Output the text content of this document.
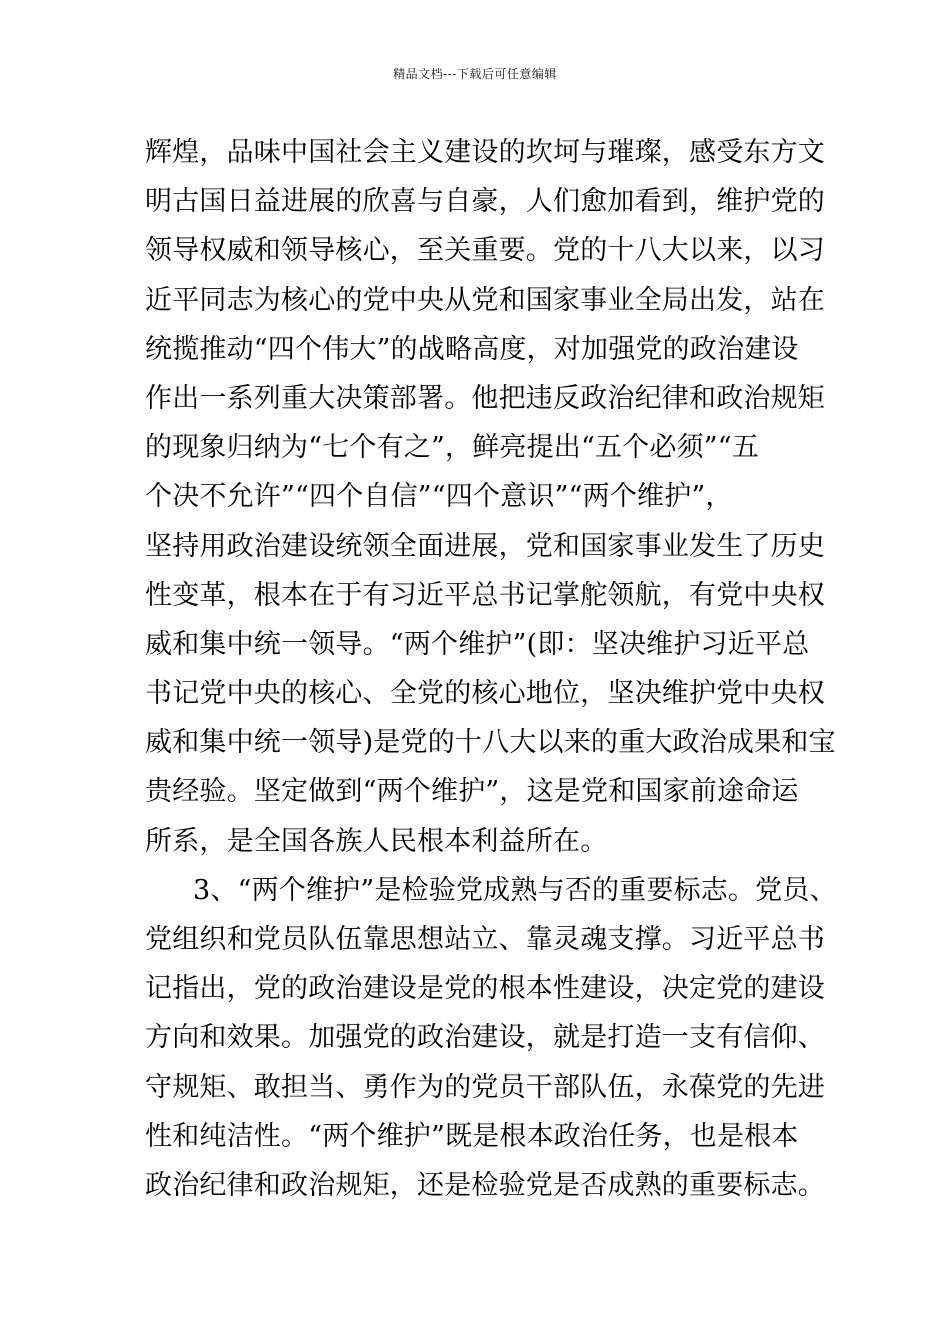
精品文档---下载后可任意编辑
辉煌，品味中国社会主义建设的坎坷与璀璨，感受东方文
明古国日益进展的欣喜与自豪，人们愈加看到，维护党的
领导权威和领导核心，至关重要。党的十八大以来，以习
近平同志为核心的党中央从党和国家事业全局出发，站在
统揽推动“四个伟大”的战略高度，对加强党的政治建设
作出一系列重大决策部署。他把违反政治纪律和政治规矩
的现象归纳为“七个有之”，鲜亮提出“五个必须”“五
个决不允许”“四个自信”“四个意识”“两个维护”，
坚持用政治建设统领全面进展，党和国家事业发生了历史
性变革，根本在于有习近平总书记掌舵领航，有党中央权
威和集中统一领导。“两个维护”(即：坚决维护习近平总
书记党中央的核心、全党的核心地位，坚决维护党中央权
威和集中统一领导)是党的十八大以来的重大政治成果和宝
贵经验。坚定做到“两个维护”，这是党和国家前途命运
所系，是全国各族人民根本利益所在。
3、“两个维护”是检验党成熟与否的重要标志。党员、
党组织和党员队伍靠思想站立、靠灵魂支撑。习近平总书
记指出，党的政治建设是党的根本性建设，决定党的建设
方向和效果。加强党的政治建设，就是打造一支有信仰、
守规矩、敢担当、勇作为的党员干部队伍，永葆党的先进
性和纯洁性。“两个维护”既是根本政治任务，也是根本
政治纪律和政治规矩，还是检验党是否成熟的重要标志。
